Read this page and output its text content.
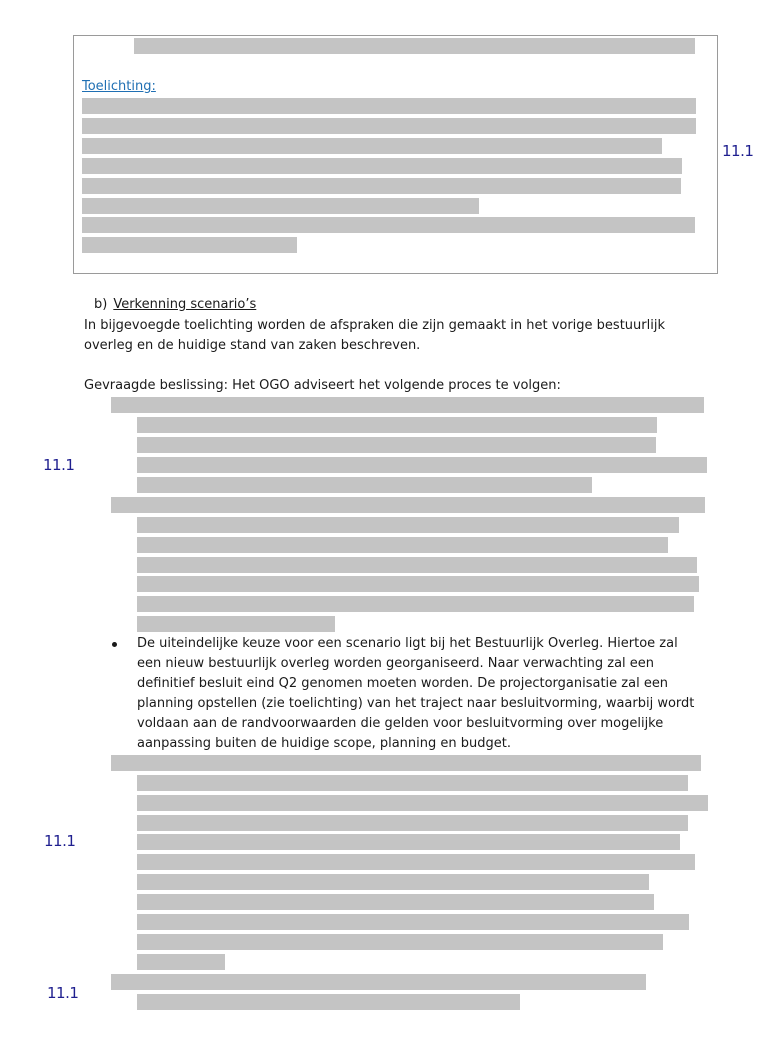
Toelichting:
11.1
b) Verkenning scenario’s
In bijgevoegde toelichting worden de afspraken die zijn gemaakt in het vorige bestuurlijk
overleg en de huidige stand van zaken beschreven.
Gevraagde beslissing: Het OGO adviseert het volgende proces te volgen:
11.1
De uiteindelijke keuze voor een scenario ligt bij het Bestuurlijk Overleg. Hiertoe zal
een nieuw bestuurlijk overleg worden georganiseerd. Naar verwachting zal een
definitief besluit eind Q2 genomen moeten worden. De projectorganisatie zal een
planning opstellen (zie toelichting) van het traject naar besluitvorming, waarbij wordt
voldaan aan de randvoorwaarden die gelden voor besluitvorming over mogelijke
aanpassing buiten de huidige scope, planning en budget.
11.1
11.1
